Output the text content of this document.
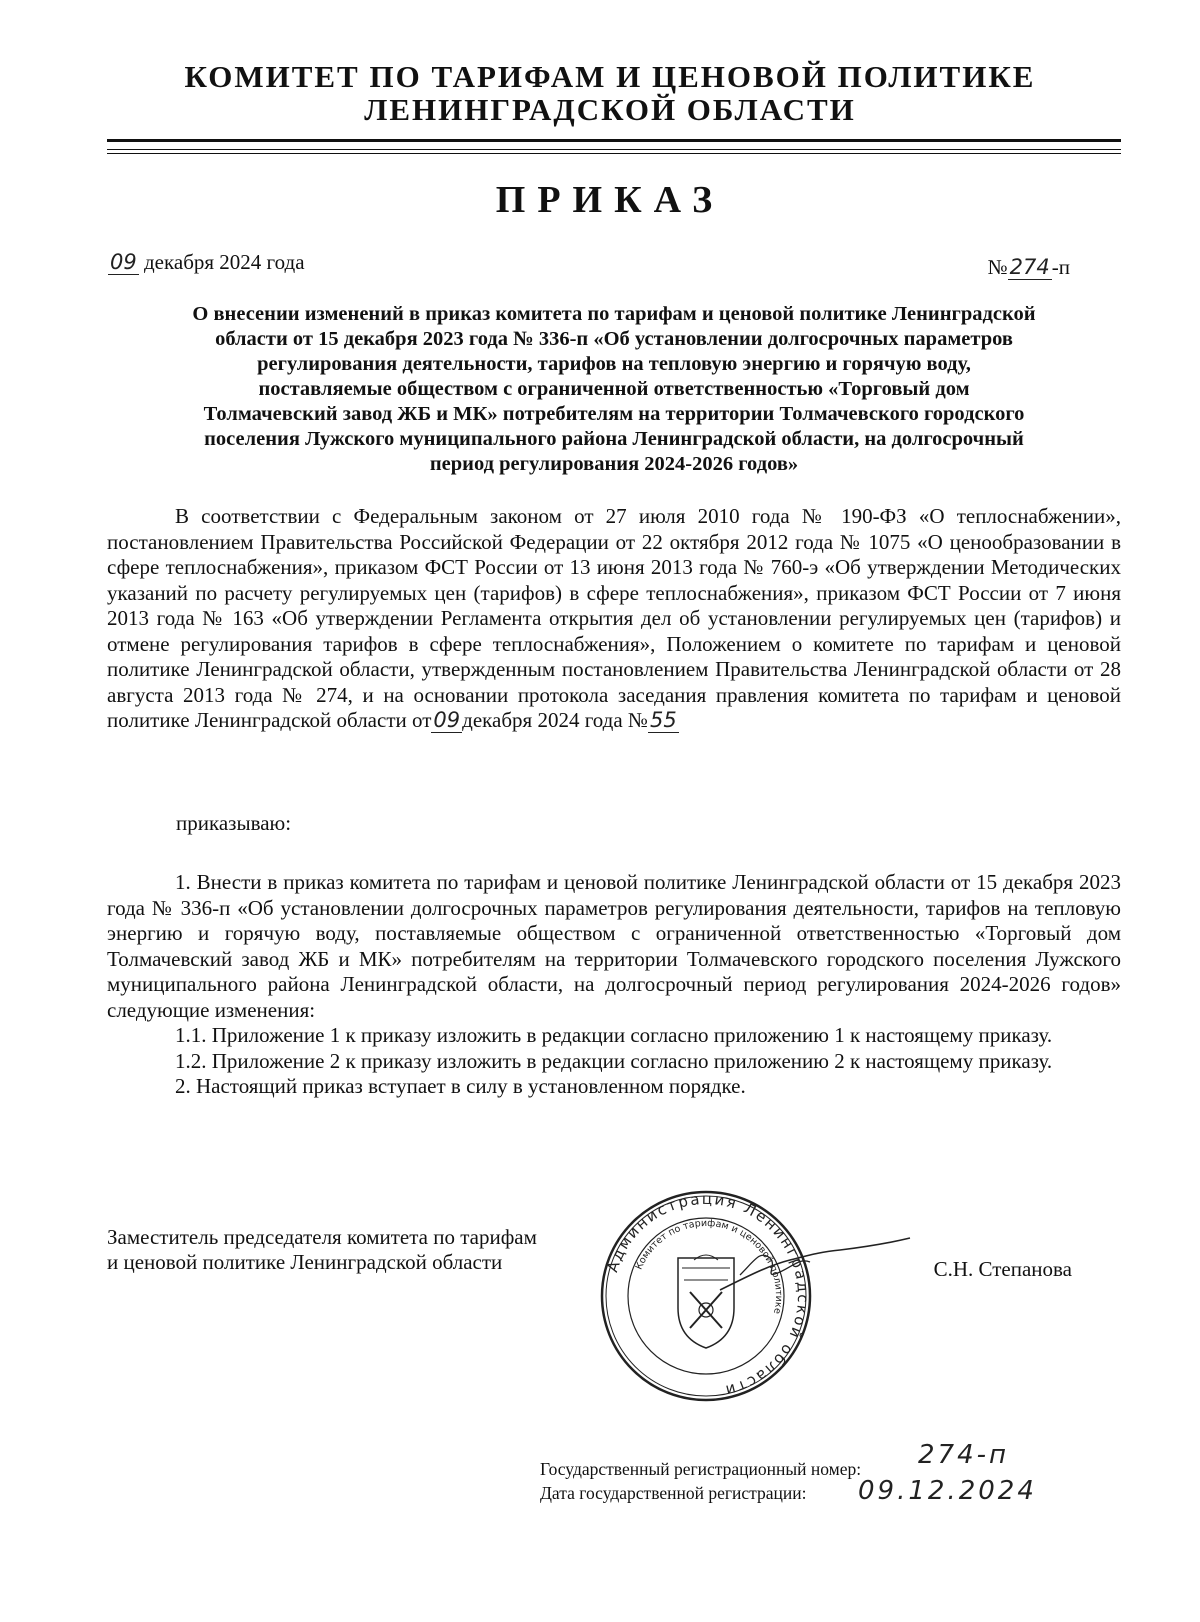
КОМИТЕТ ПО ТАРИФАМ И ЦЕНОВОЙ ПОЛИТИКЕ
ЛЕНИНГРАДСКОЙ ОБЛАСТИ
ПРИКАЗ
09 декабря 2024 года	№274-п
О внесении изменений в приказ комитета по тарифам и ценовой политике Ленинградской
области от 15 декабря 2023 года № 336-п «Об установлении долгосрочных параметров
регулирования деятельности, тарифов на тепловую энергию и горячую воду,
поставляемые обществом с ограниченной ответственностью «Торговый дом
Толмачевский завод ЖБ и МК» потребителям на территории Толмачевского городского
поселения Лужского муниципального района Ленинградской области, на долгосрочный
период регулирования 2024-2026 годов»

В соответствии с Федеральным законом от 27 июля 2010 года № 190-ФЗ «О теплоснабжении», постановлением Правительства Российской Федерации от 22 октября 2012 года № 1075 «О ценообразовании в сфере теплоснабжения», приказом ФСТ России от 13 июня 2013 года № 760-э «Об утверждении Методических указаний по расчету регулируемых цен (тарифов) в сфере теплоснабжения», приказом ФСТ России от 7 июня 2013 года № 163 «Об утверждении Регламента открытия дел об установлении регулируемых цен (тарифов) и отмене регулирования тарифов в сфере теплоснабжения», Положением о комитете по тарифам и ценовой политике Ленинградской области, утвержденным постановлением Правительства Ленинградской области от 28 августа 2013 года № 274, и на основании протокола заседания правления комитета по тарифам и ценовой политике Ленинградской области от09декабря 2024 года №55

приказываю:

1. Внести в приказ комитета по тарифам и ценовой политике Ленинградской области от 15 декабря 2023 года № 336-п «Об установлении долгосрочных параметров регулирования деятельности, тарифов на тепловую энергию и горячую воду, поставляемые обществом с ограниченной ответственностью «Торговый дом Толмачевский завод ЖБ и МК» потребителям на территории Толмачевского городского поселения Лужского муниципального района Ленинградской области, на долгосрочный период регулирования 2024-2026 годов» следующие изменения:

1.1. Приложение 1 к приказу изложить в редакции согласно приложению 1 к настоящему приказу.

1.2. Приложение 2 к приказу изложить в редакции согласно приложению 2 к настоящему приказу.

2. Настоящий приказ вступает в силу в установленном порядке.

Заместитель председателя комитета по тарифам
и ценовой политике Ленинградской области	Администрация Ленинградской области
Комитет по тарифам и ценовой политике
С.Н. Степанова
Государственный регистрационный номер: 274-п
Дата государственной регистрации: 09.12.2024
